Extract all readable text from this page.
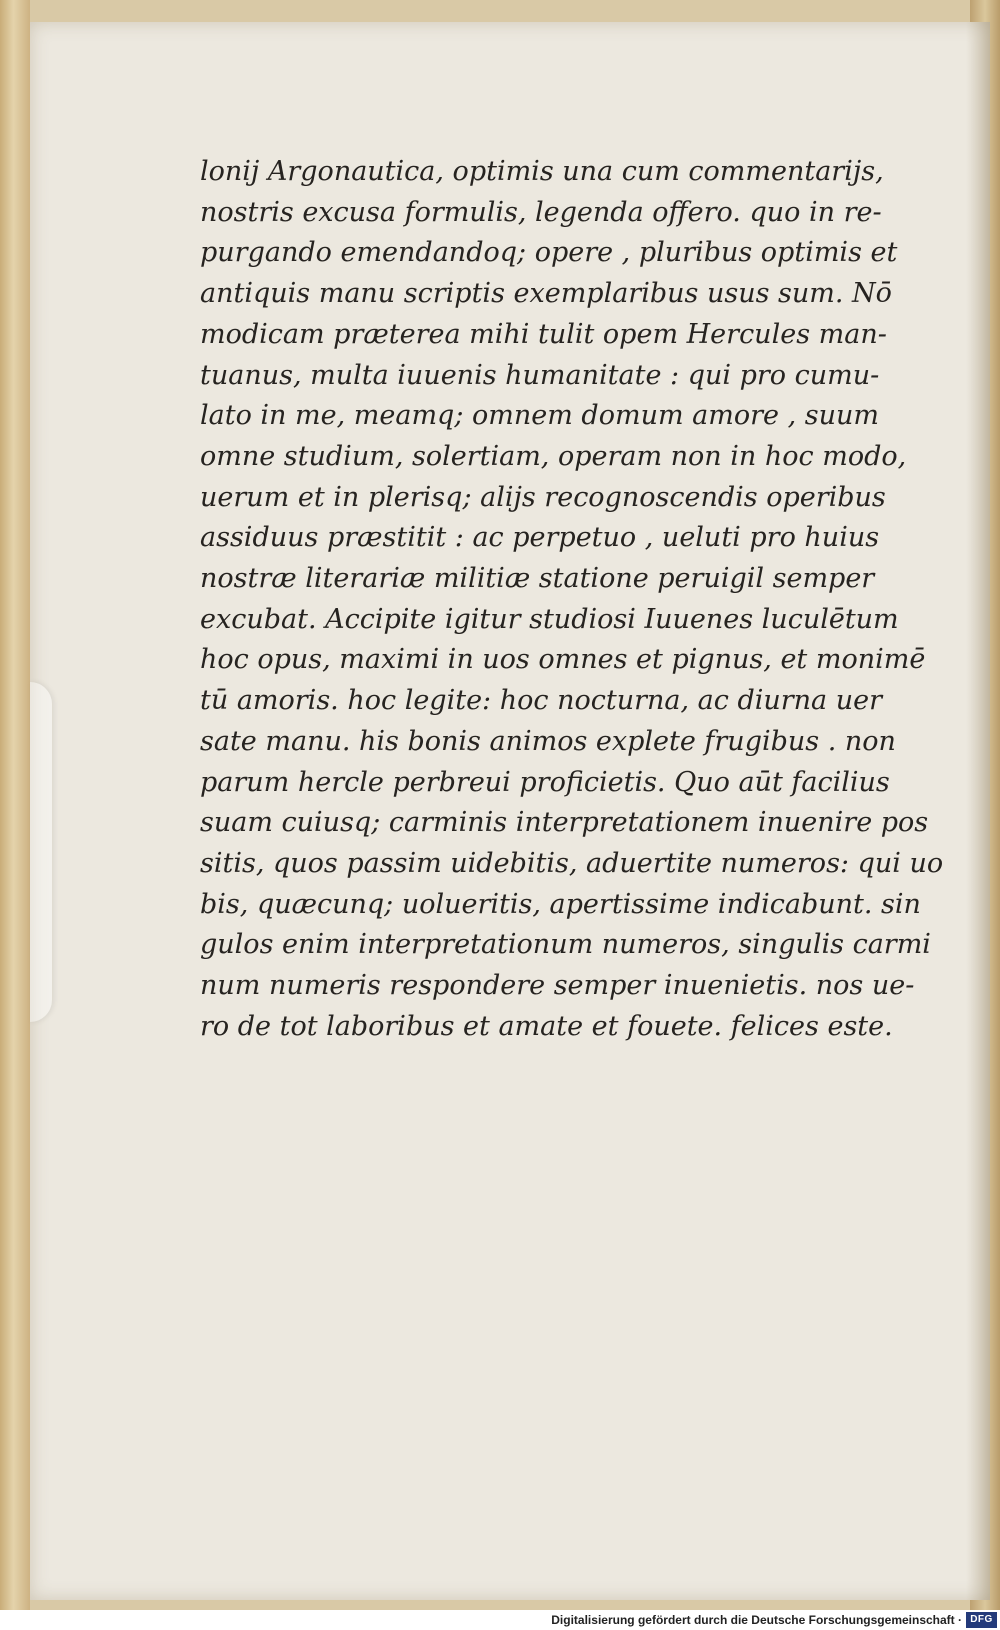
lonij Argonautica, optimis una cum commentarijs,
nostris excusa formulis, legenda offero. quo in re-
purgando emendandoq; opere , pluribus optimis et
antiquis manu scriptis exemplaribus usus sum. Nō
modicam prӕterea mihi tulit opem Hercules man-
tuanus, multa iuuenis humanitate : qui pro cumu-
lato in me, meamq; omnem domum amore , suum
omne studium, solertiam, operam non in hoc modo,
uerum et in plerisq; alijs recognoscendis operibus
assiduus prӕstitit : ac perpetuo , ueluti pro huius
nostrӕ literariӕ militiӕ statione peruigil semper
excubat. Accipite igitur studiosi Iuuenes luculētum
hoc opus, maximi in uos omnes et pignus, et monimē
tū amoris. hoc legite: hoc nocturna, ac diurna uer
sate manu. his bonis animos explete frugibus . non
parum hercle perbreui proficietis. Quo aūt facilius
suam cuiusq; carminis interpretationem inuenire pos
sitis, quos passim uidebitis, aduertite numeros: qui uo
bis, quӕcunq; uolueritis, apertissime indicabunt. sin
gulos enim interpretationum numeros, singulis carmi
num numeris respondere semper inuenietis. nos ue-
ro de tot laboribus et amate et fouete. felices este.
Digitalisierung gefördert durch die Deutsche Forschungsgemeinschaft · DFG
